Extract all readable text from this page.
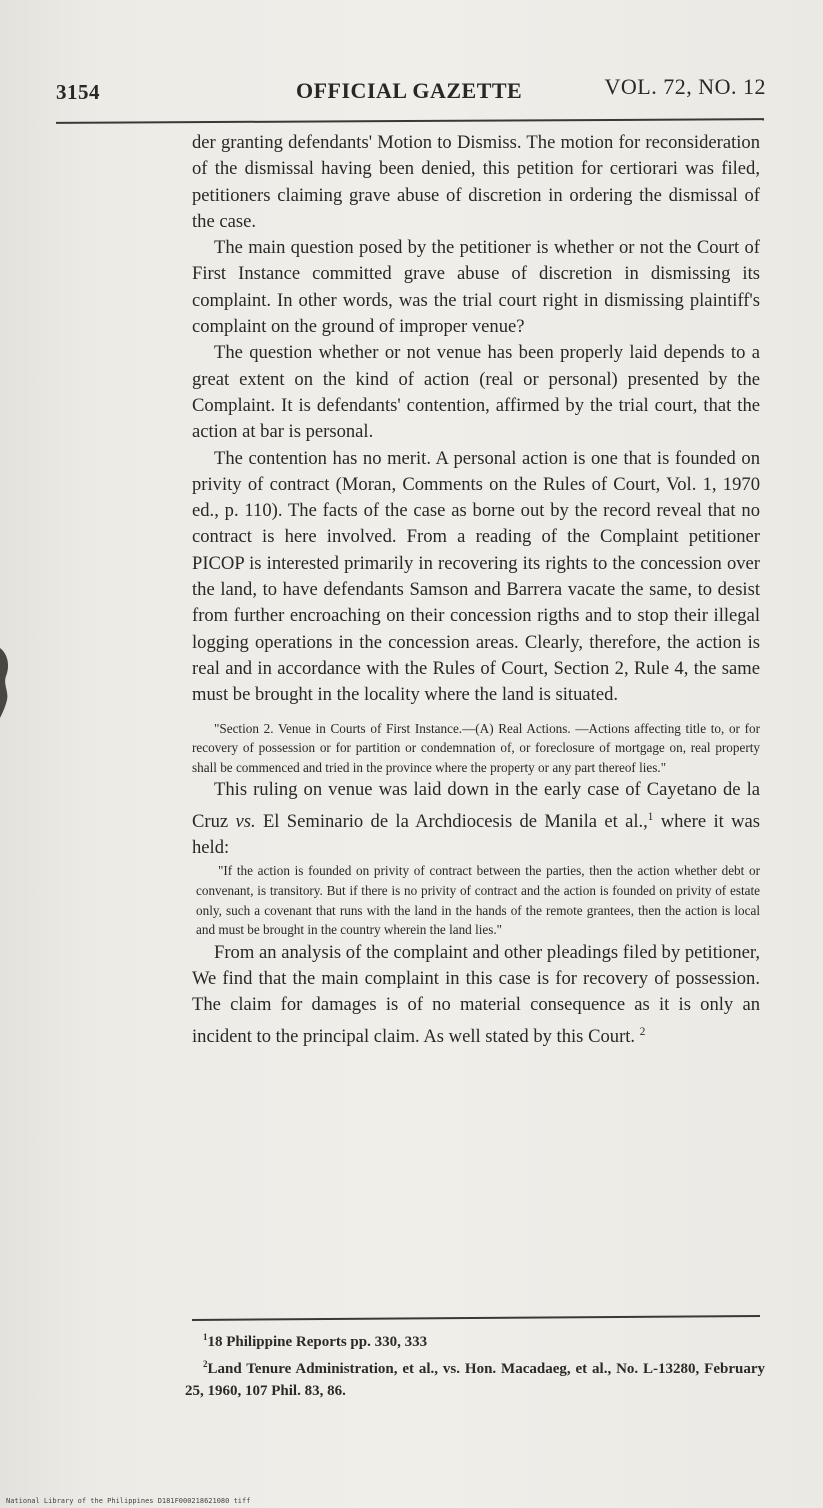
3154	OFFICIAL GAZETTE	VOL. 72, NO. 12

der granting defendants' Motion to Dismiss. The motion for reconsideration of the dismissal having been denied, this petition for certiorari was filed, petitioners claiming grave abuse of discretion in ordering the dismissal of the case.

The main question posed by the petitioner is whether or not the Court of First Instance committed grave abuse of discretion in dismissing its complaint. In other words, was the trial court right in dismissing plaintiff's complaint on the ground of improper venue?

The question whether or not venue has been properly laid depends to a great extent on the kind of action (real or personal) presented by the Complaint. It is defendants' contention, affirmed by the trial court, that the action at bar is personal.

The contention has no merit. A personal action is one that is founded on privity of contract (Moran, Comments on the Rules of Court, Vol. 1, 1970 ed., p. 110). The facts of the case as borne out by the record reveal that no contract is here involved. From a reading of the Complaint petitioner PICOP is interested primarily in recovering its rights to the concession over the land, to have defendants Samson and Barrera vacate the same, to desist from further encroaching on their concession rigths and to stop their illegal logging operations in the concession areas. Clearly, therefore, the action is real and in accordance with the Rules of Court, Section 2, Rule 4, the same must be brought in the locality where the land is situated.

"Section 2. Venue in Courts of First Instance.—(A) Real Actions. —Actions affecting title to, or for recovery of possession or for partition or condemnation of, or foreclosure of mortgage on, real property shall be commenced and tried in the province where the property or any part thereof lies."

This ruling on venue was laid down in the early case of Cayetano de la Cruz vs. El Seminario de la Archdiocesis de Manila et al.,$^1$ where it was held:

"If the action is founded on privity of contract between the parties, then the action whether debt or convenant, is transitory. But if there is no privity of contract and the action is founded on privity of estate only, such a covenant that runs with the land in the hands of the remote grantees, then the action is local and must be brought in the country wherein the land lies."

From an analysis of the complaint and other pleadings filed by petitioner, We find that the main complaint in this case is for recovery of possession. The claim for damages is of no material consequence as it is only an incident to the principal claim. As well stated by this Court. $^2$

$^1$18 Philippine Reports pp. 330, 333

$^2$Land Tenure Administration, et al., vs. Hon. Macadaeg, et al., No. L-13280, February 25, 1960, 107 Phil. 83, 86.

National Library of the Philippines D181F000218621080 tiff
